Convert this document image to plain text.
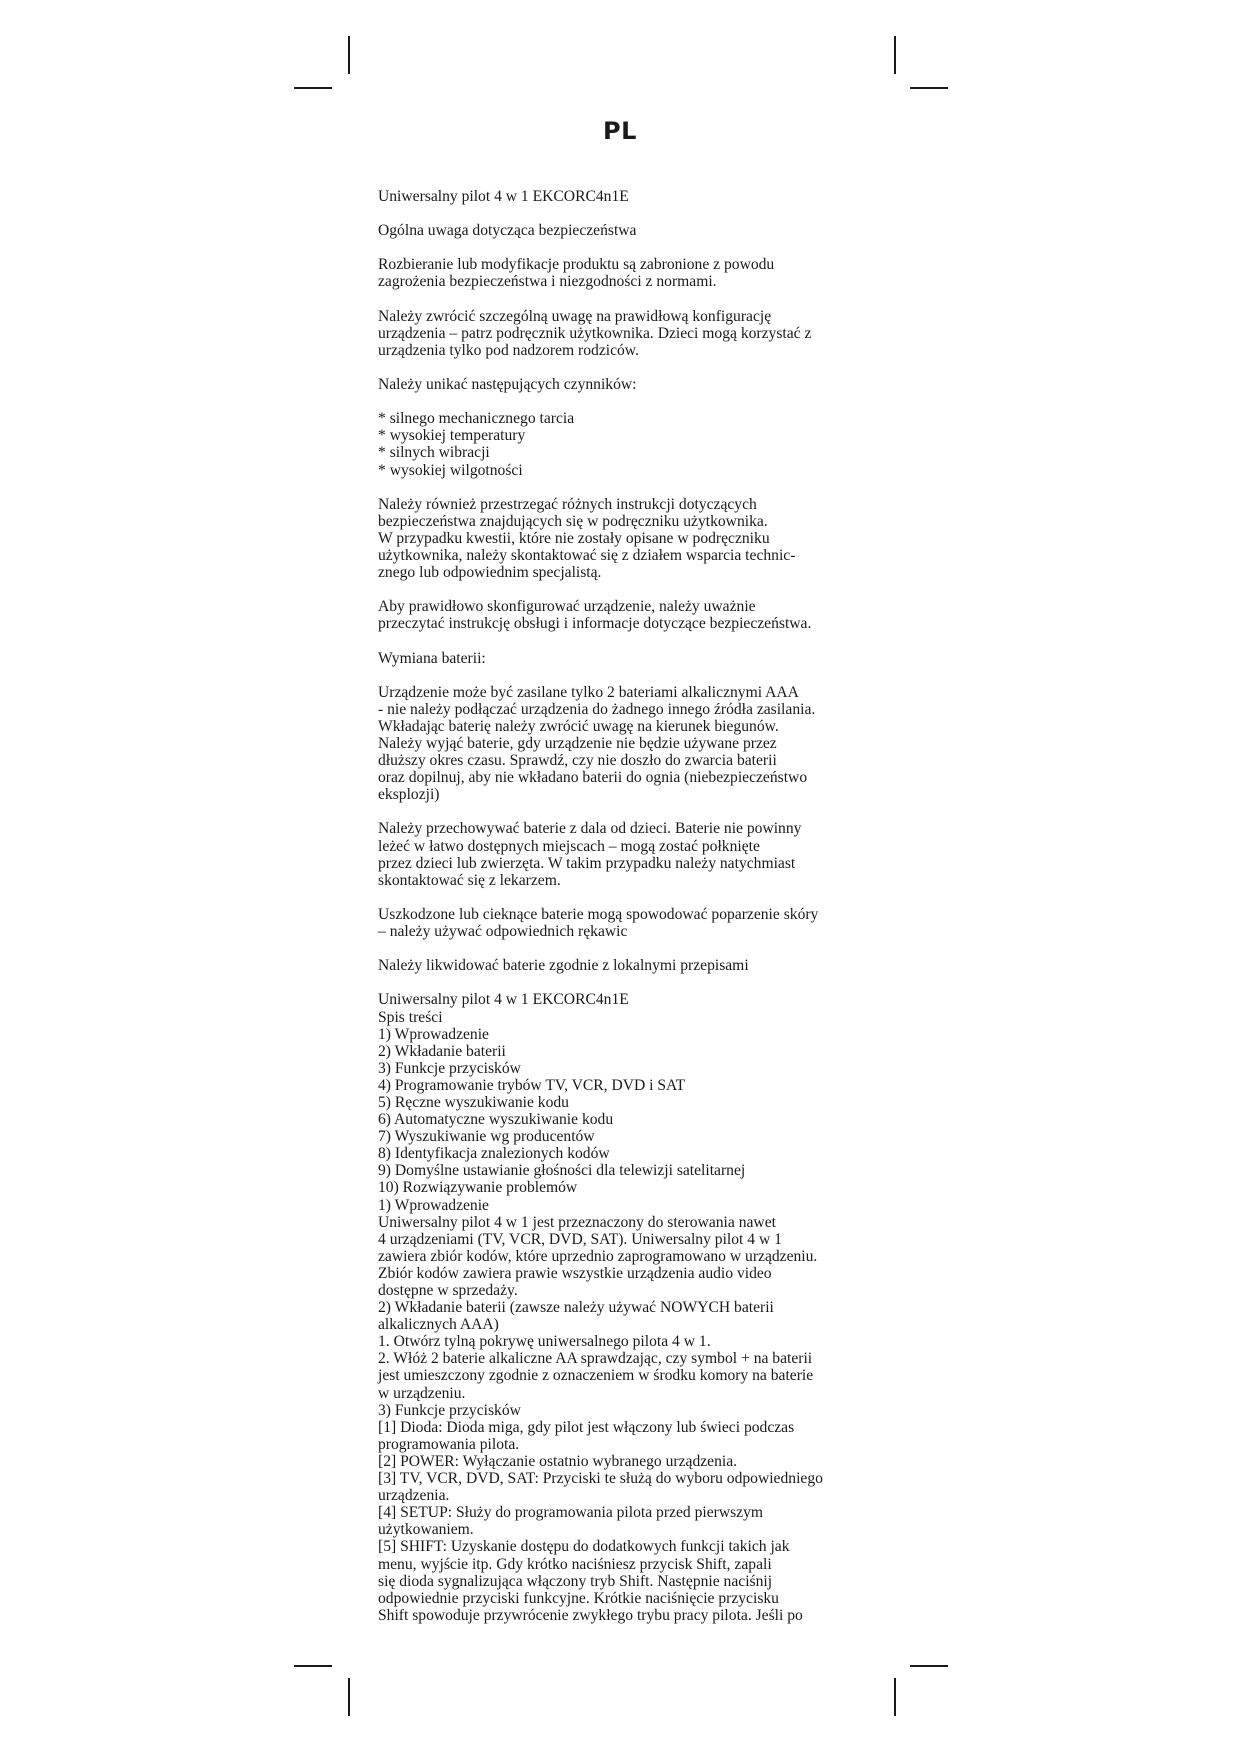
PL

Uniwersalny pilot 4 w 1 EKCORC4n1E

Ogólna uwaga dotycząca bezpieczeństwa

Rozbieranie lub modyfikacje produktu są zabronione z powodu
zagrożenia bezpieczeństwa i niezgodności z normami.

Należy zwrócić szczególną uwagę na prawidłową konfigurację
urządzenia – patrz podręcznik użytkownika. Dzieci mogą korzystać z
urządzenia tylko pod nadzorem rodziców.

Należy unikać następujących czynników:

* silnego mechanicznego tarcia
* wysokiej temperatury
* silnych wibracji
* wysokiej wilgotności

Należy również przestrzegać różnych instrukcji dotyczących
bezpieczeństwa znajdujących się w podręczniku użytkownika.
W przypadku kwestii, które nie zostały opisane w podręczniku
użytkownika, należy skontaktować się z działem wsparcia technic-
znego lub odpowiednim specjalistą.

Aby prawidłowo skonfigurować urządzenie, należy uważnie
przeczytać instrukcję obsługi i informacje dotyczące bezpieczeństwa.

Wymiana baterii:

Urządzenie może być zasilane tylko 2 bateriami alkalicznymi AAA
- nie należy podłączać urządzenia do żadnego innego źródła zasilania.
Wkładając baterię należy zwrócić uwagę na kierunek biegunów.
Należy wyjąć baterie, gdy urządzenie nie będzie używane przez
dłuższy okres czasu. Sprawdź, czy nie doszło do zwarcia baterii
oraz dopilnuj, aby nie wkładano baterii do ognia (niebezpieczeństwo
eksplozji)

Należy przechowywać baterie z dala od dzieci. Baterie nie powinny
leżeć w łatwo dostępnych miejscach – mogą zostać połknięte
przez dzieci lub zwierzęta. W takim przypadku należy natychmiast
skontaktować się z lekarzem.

Uszkodzone lub cieknące baterie mogą spowodować poparzenie skóry
– należy używać odpowiednich rękawic

Należy likwidować baterie zgodnie z lokalnymi przepisami

Uniwersalny pilot 4 w 1 EKCORC4n1E
Spis treści
1) Wprowadzenie
2) Wkładanie baterii
3) Funkcje przycisków
4) Programowanie trybów TV, VCR, DVD i SAT
5) Ręczne wyszukiwanie kodu
6) Automatyczne wyszukiwanie kodu
7) Wyszukiwanie wg producentów
8) Identyfikacja znalezionych kodów
9) Domyślne ustawianie głośności dla telewizji satelitarnej
10) Rozwiązywanie problemów
1) Wprowadzenie
Uniwersalny pilot 4 w 1 jest przeznaczony do sterowania nawet
4 urządzeniami (TV, VCR, DVD, SAT). Uniwersalny pilot 4 w 1
zawiera zbiór kodów, które uprzednio zaprogramowano w urządzeniu.
Zbiór kodów zawiera prawie wszystkie urządzenia audio video
dostępne w sprzedaży.
2) Wkładanie baterii (zawsze należy używać NOWYCH baterii
alkalicznych AAA)
1. Otwórz tylną pokrywę uniwersalnego pilota 4 w 1.
2. Włóż 2 baterie alkaliczne AA sprawdzając, czy symbol + na baterii
jest umieszczony zgodnie z oznaczeniem w środku komory na baterie
w urządzeniu.
3) Funkcje przycisków
[1] Dioda: Dioda miga, gdy pilot jest włączony lub świeci podczas
programowania pilota.
[2] POWER: Wyłączanie ostatnio wybranego urządzenia.
[3] TV, VCR, DVD, SAT: Przyciski te służą do wyboru odpowiedniego
urządzenia.
[4] SETUP: Służy do programowania pilota przed pierwszym
użytkowaniem.
[5] SHIFT: Uzyskanie dostępu do dodatkowych funkcji takich jak
menu, wyjście itp. Gdy krótko naciśniesz przycisk Shift, zapali
się dioda sygnalizująca włączony tryb Shift. Następnie naciśnij
odpowiednie przyciski funkcyjne. Krótkie naciśnięcie przycisku
Shift spowoduje przywrócenie zwykłego trybu pracy pilota. Jeśli po
